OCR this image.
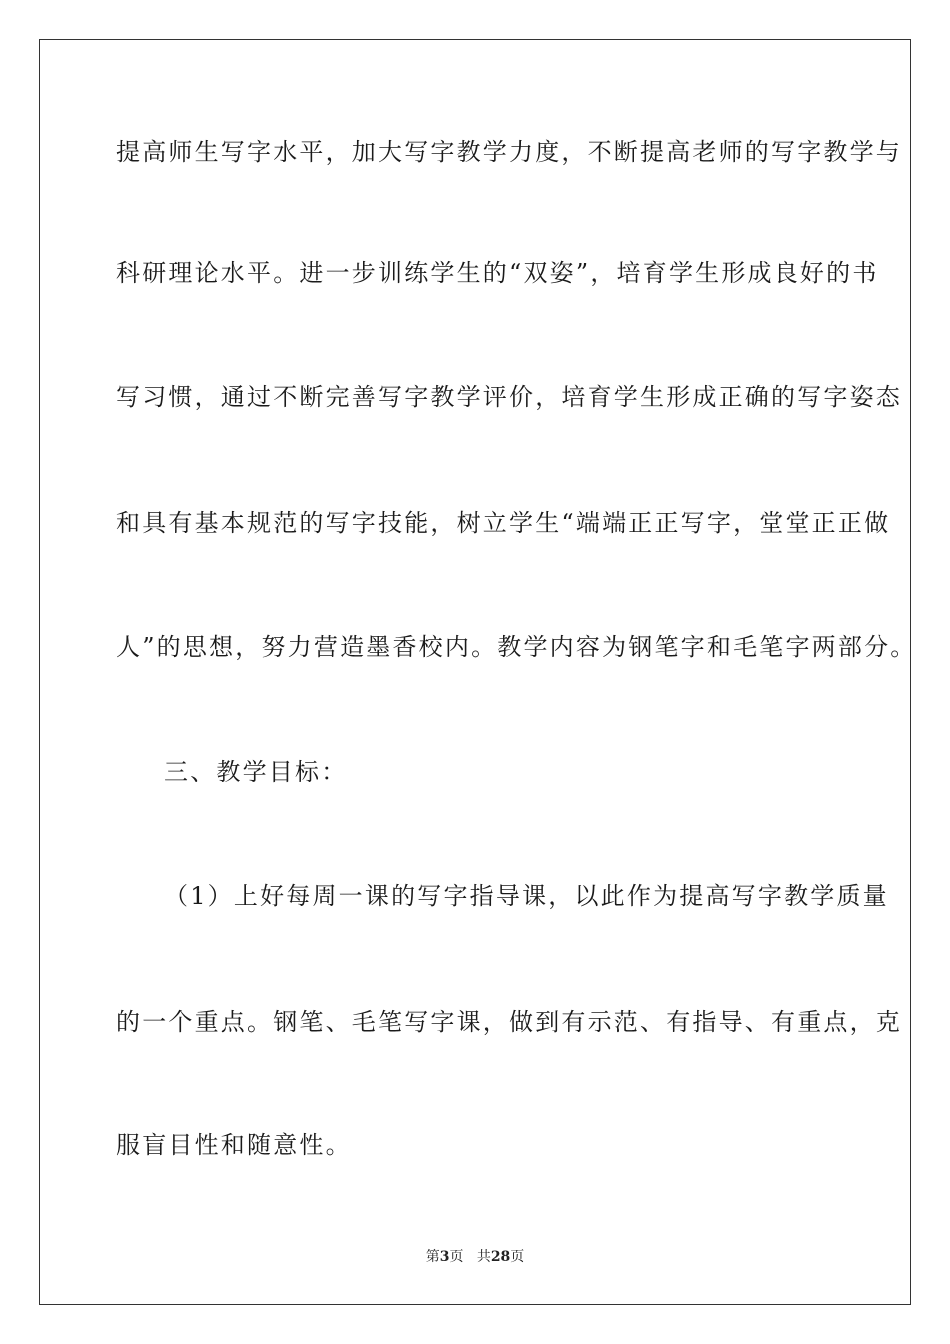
提高师生写字水平，加大写字教学力度，不断提高老师的写字教学与
科研理论水平。进一步训练学生的“双姿”，培育学生形成良好的书
写习惯，通过不断完善写字教学评价，培育学生形成正确的写字姿态
和具有基本规范的写字技能，树立学生“端端正正写字，堂堂正正做
人”的思想，努力营造墨香校内。教学内容为钢笔字和毛笔字两部分。
三、教学目标：
（1）上好每周一课的写字指导课，以此作为提高写字教学质量
的一个重点。钢笔、毛笔写字课，做到有示范、有指导、有重点，克
服盲目性和随意性。
第3页 共28页
